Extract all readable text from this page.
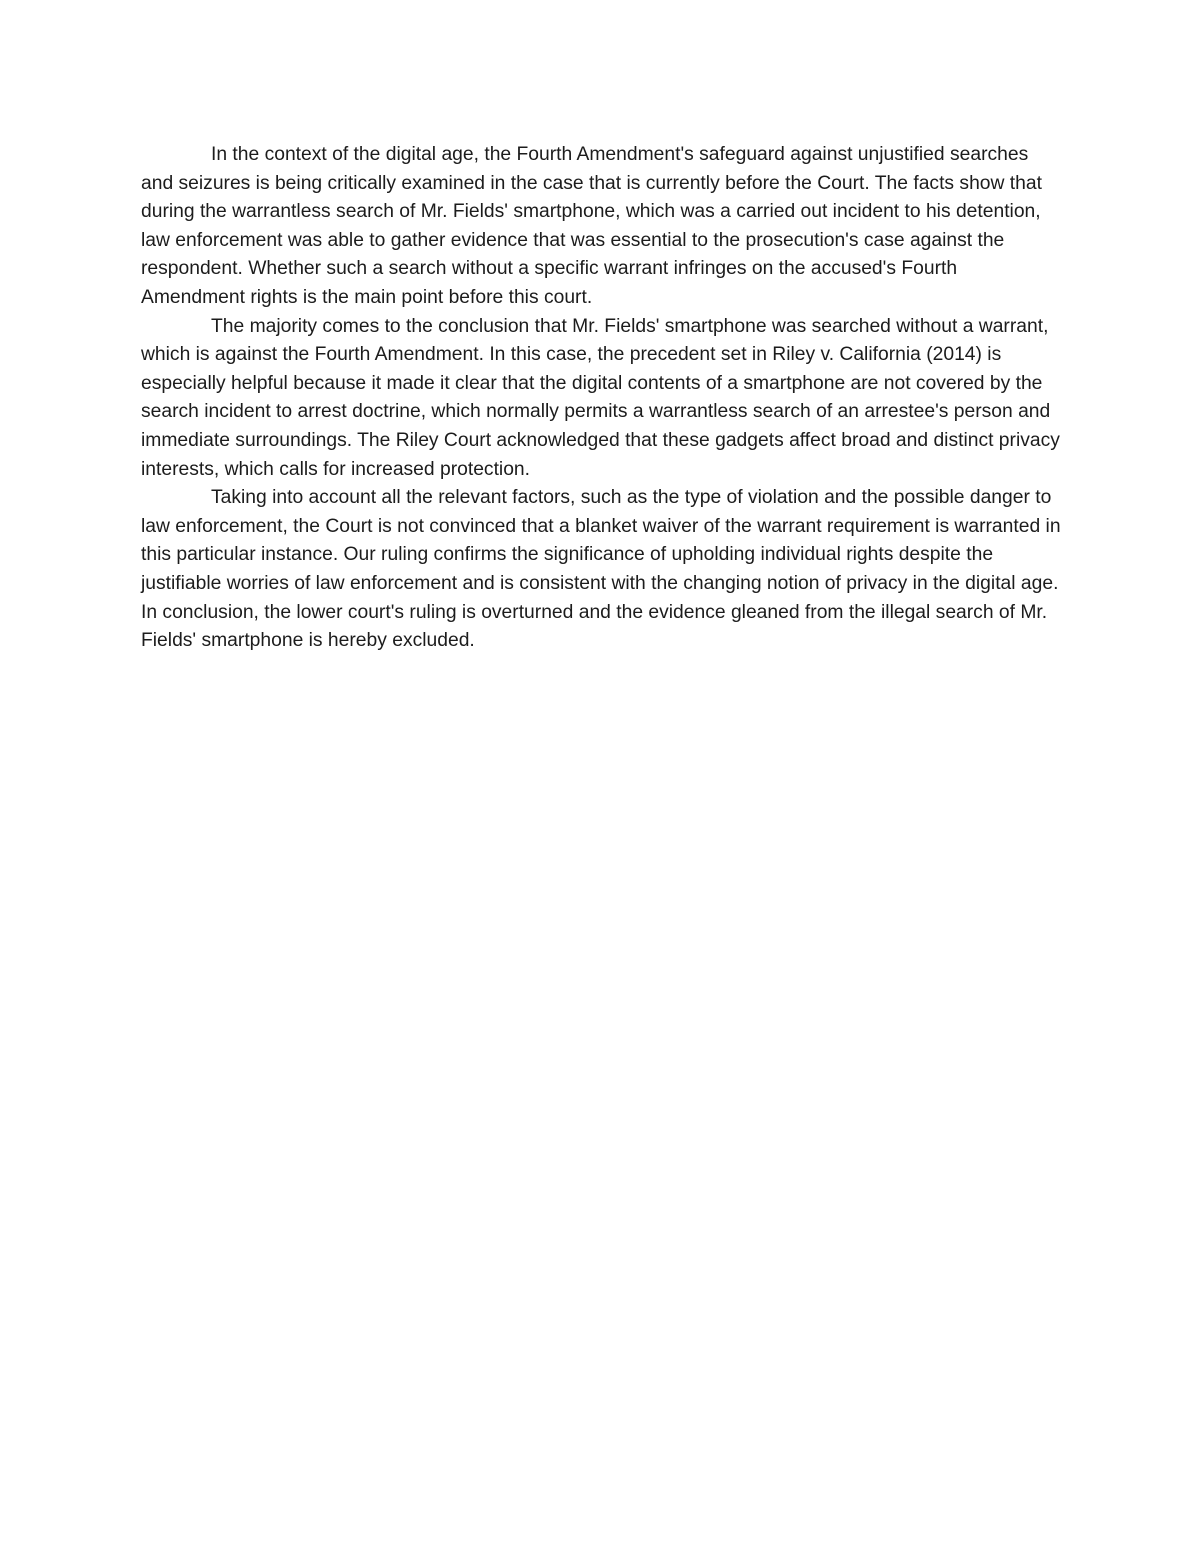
In the context of the digital age, the Fourth Amendment's safeguard against unjustified searches and seizures is being critically examined in the case that is currently before the Court. The facts show that during the warrantless search of Mr. Fields' smartphone, which was a carried out incident to his detention, law enforcement was able to gather evidence that was essential to the prosecution's case against the respondent. Whether such a search without a specific warrant infringes on the accused's Fourth Amendment rights is the main point before this court.

The majority comes to the conclusion that Mr. Fields' smartphone was searched without a warrant, which is against the Fourth Amendment. In this case, the precedent set in Riley v. California (2014) is especially helpful because it made it clear that the digital contents of a smartphone are not covered by the search incident to arrest doctrine, which normally permits a warrantless search of an arrestee's person and immediate surroundings. The Riley Court acknowledged that these gadgets affect broad and distinct privacy interests, which calls for increased protection.

Taking into account all the relevant factors, such as the type of violation and the possible danger to law enforcement, the Court is not convinced that a blanket waiver of the warrant requirement is warranted in this particular instance. Our ruling confirms the significance of upholding individual rights despite the justifiable worries of law enforcement and is consistent with the changing notion of privacy in the digital age. In conclusion, the lower court's ruling is overturned and the evidence gleaned from the illegal search of Mr. Fields' smartphone is hereby excluded.
